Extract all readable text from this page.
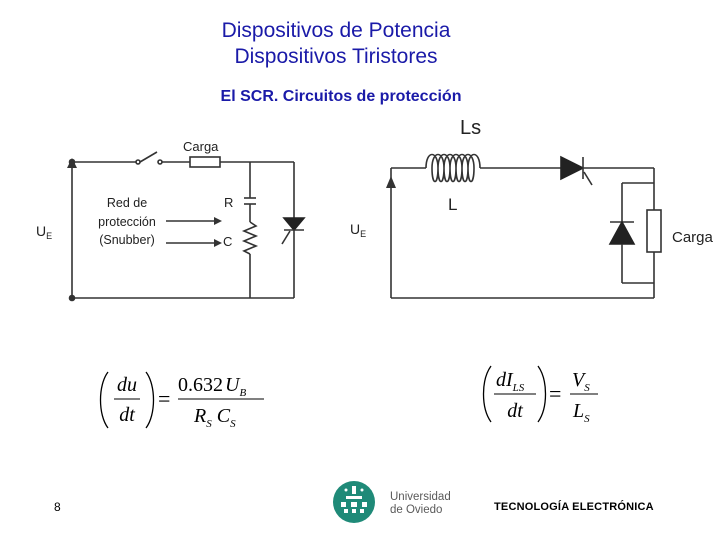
Dispositivos de Potencia
Dispositivos Tiristores
El SCR. Circuitos de protección
$U_E$
Carga
Red de
protección
(Snubber)
R
C
Ls
L
$U_E$	Carga
du
dt
=
0.632 $U_B$
$R_S$ $C_S$
$dI_{LS}$
dt
=
$V_S$
$L_S$
Universidad
de Oviedo
8	TECNOLOGÍA ELECTRÓNICA
